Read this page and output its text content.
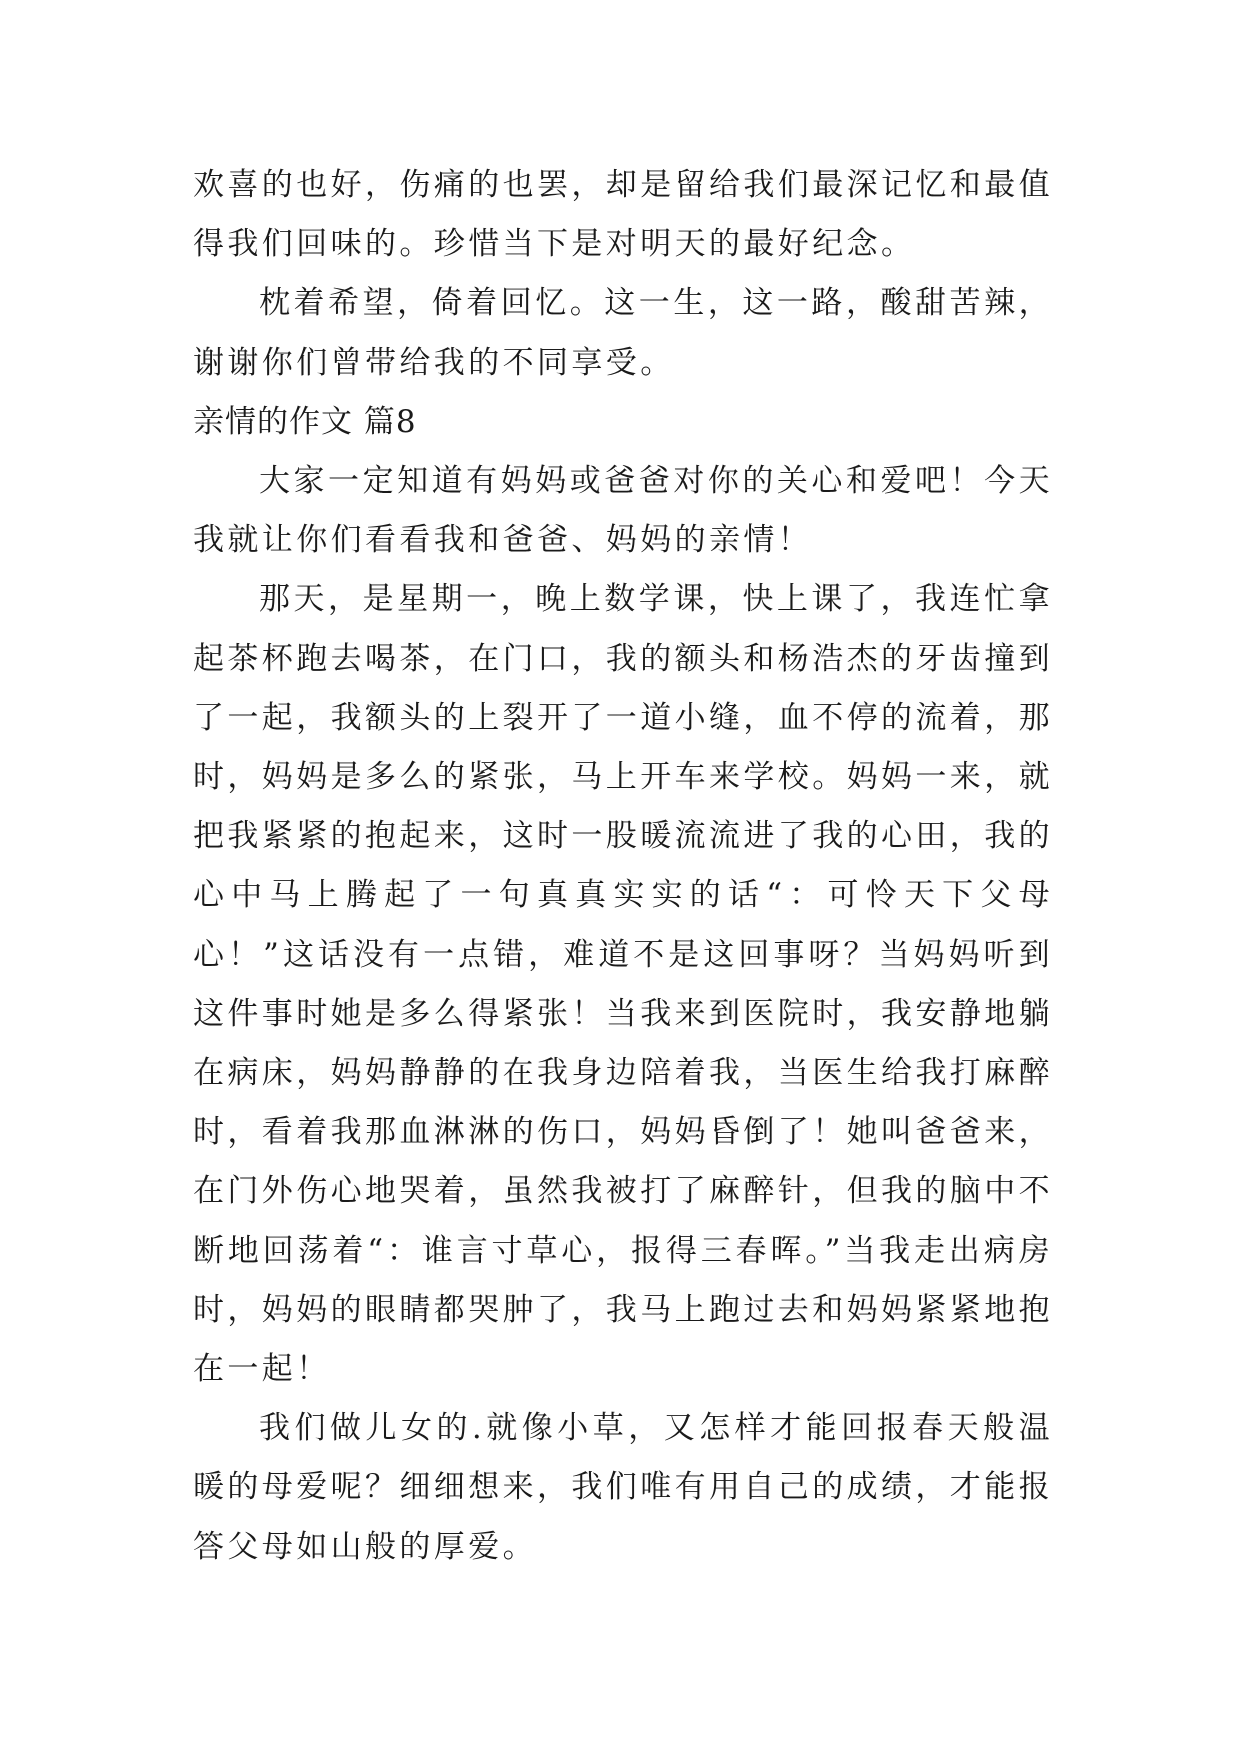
欢喜的也好，伤痛的也罢，却是留给我们最深记忆和最值得我们回味的。珍惜当下是对明天的最好纪念。

枕着希望，倚着回忆。这一生，这一路，酸甜苦辣，谢谢你们曾带给我的不同享受。

亲情的作文 篇8

大家一定知道有妈妈或爸爸对你的关心和爱吧！今天我就让你们看看我和爸爸、妈妈的亲情！

那天，是星期一，晚上数学课，快上课了，我连忙拿起茶杯跑去喝茶，在门口，我的额头和杨浩杰的牙齿撞到了一起，我额头的上裂开了一道小缝，血不停的流着，那时，妈妈是多么的紧张，马上开车来学校。妈妈一来，就把我紧紧的抱起来，这时一股暖流流进了我的心田，我的心中马上腾起了一句真真实实的话“：可怜天下父母心！”这话没有一点错，难道不是这回事呀？当妈妈听到这件事时她是多么得紧张！当我来到医院时，我安静地躺在病床，妈妈静静的在我身边陪着我，当医生给我打麻醉时，看着我那血淋淋的伤口，妈妈昏倒了！她叫爸爸来，在门外伤心地哭着，虽然我被打了麻醉针，但我的脑中不断地回荡着“：谁言寸草心，报得三春晖。”当我走出病房时，妈妈的眼睛都哭肿了，我马上跑过去和妈妈紧紧地抱在一起！

我们做儿女的.就像小草，又怎样才能回报春天般温暖的母爱呢？细细想来，我们唯有用自己的成绩，才能报答父母如山般的厚爱。
